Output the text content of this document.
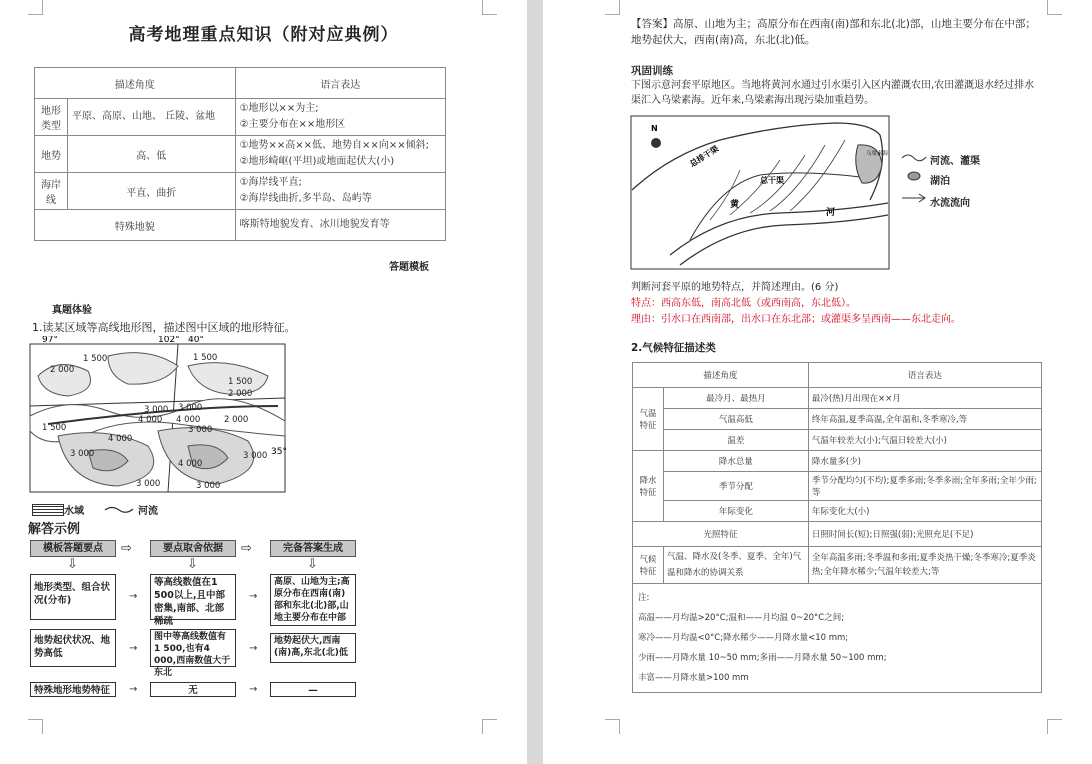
高考地理重点知识（附对应典例）
描述角度		语言表达
地形类型	平原、高原、山地、 丘陵、盆地	①地形以××为主;
②主要分布在××地形区

地势	高、低	①地势××高××低、地势自××向××倾斜;
②地形崎岖(平坦)或地面起伏大(小)

海岸线	平直、曲折	①海岸线平直;
②海岸线曲折,多半岛、岛屿等

特殊地貌		喀斯特地貌发育、冰川地貌发育等
答题模板
真题体验
1.读某区域等高线地形图，描述图中区域的地形特征。
97°	102° 40°
35°
1 500
2 000
1 500
1 500
2 000
3 000
3 000
1 500
4 000
3 000
4 000 4 000	2 000
3 000
4 000
3 000
3 000	3 000
水域	河流
解答示例
模板答题要点	要点取舍依据	完备答案生成
⇨	⇨
⇩	⇩	⇩
地形类型、组合状况(分布)
等高线数值在1 500以上,且中部密集,南部、北部稀疏
高原、山地为主;高原分布在西南(南)部和东北(北)部,山地主要分布在中部
→	→
地势起伏状况、地势高低
图中等高线数值有1 500,也有4 000,西南数值大于东北
地势起伏大,西南(南)高,东北(北)低
→	→
特殊地形地势特征	无	—
→	→
【答案】高原、山地为主；高原分布在西南(南)部和东北(北)部，山地主要分布在中部；地势起伏大，西南(南)高，东北(北)低。
巩固训练
下图示意河套平原地区。当地将黄河水通过引水渠引入区内灌溉农田,农田灌溉退水经过排水渠汇入乌梁素海。近年来,乌梁素海出现污染加重趋势。
N
总干渠
总排干渠
黄
河
乌梁素海
河流、灌渠
湖泊
水流流向
判断河套平原的地势特点，并简述理由。(6 分)
特点：西高东低，南高北低（或西南高，东北低）。
理由：引水口在西南部，出水口在东北部；或灌渠多呈西南——东北走向。
2.气候特征描述类
描述角度		语言表达
气温特征	最冷月、最热月	最冷(热)月出现在××月
	气温高低	终年高温,夏季高温,全年温和,冬季寒冷,等
	温差	气温年较差大(小);气温日较差大(小)
降水特征	降水总量	降水量多(少)
	季节分配	季节分配均匀(不均);夏季多雨;冬季多雨;全年多雨;全年少雨;等
	年际变化	年际变化大(小)
光照特征		日照时间长(短);日照强(弱);光照充足(不足)
气候特征	气温、降水及(冬季、夏季、全年)气温和降水的协调关系	全年高温多雨;冬季温和多雨;夏季炎热干燥;冬季寒冷;夏季炎热;全年降水稀少;气温年较差大;等

注:
高温——月均温>20°C;温和——月均温 0~20°C之间;
寒冷——月均温<0°C;降水稀少——月降水量<10 mm;
少雨——月降水量 10~50 mm;多雨——月降水量 50~100 mm;
丰富——月降水量>100 mm		
